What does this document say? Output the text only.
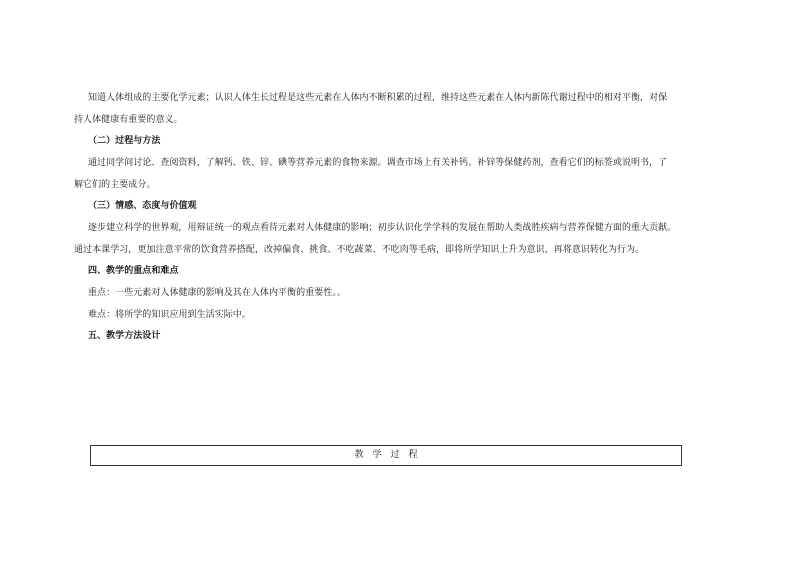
知道人体组成的主要化学元素；认识人体生长过程是这些元素在人体内不断积累的过程，维持这些元素在人体内新陈代谢过程中的相对平衡，对保
持人体健康有重要的意义。
（二）过程与方法
通过同学间讨论、查阅资料，了解钙、铁、锌、碘等营养元素的食物来源。调查市场上有关补钙、补锌等保健药剂，查看它们的标签或说明书，了
解它们的主要成分。
（三）情感、态度与价值观
逐步建立科学的世界观，用辩证统一的观点看待元素对人体健康的影响；初步认识化学学科的发展在帮助人类战胜疾病与营养保健方面的重大贡献。
通过本课学习，更加注意平常的饮食营养搭配，改掉偏食、挑食、不吃蔬菜、不吃肉等毛病，即将所学知识上升为意识，再将意识转化为行为。
四、教学的重点和难点
重点：一些元素对人体健康的影响及其在人体内平衡的重要性。。
难点：将所学的知识应用到生活实际中。
五、教学方法设计
教学过程
